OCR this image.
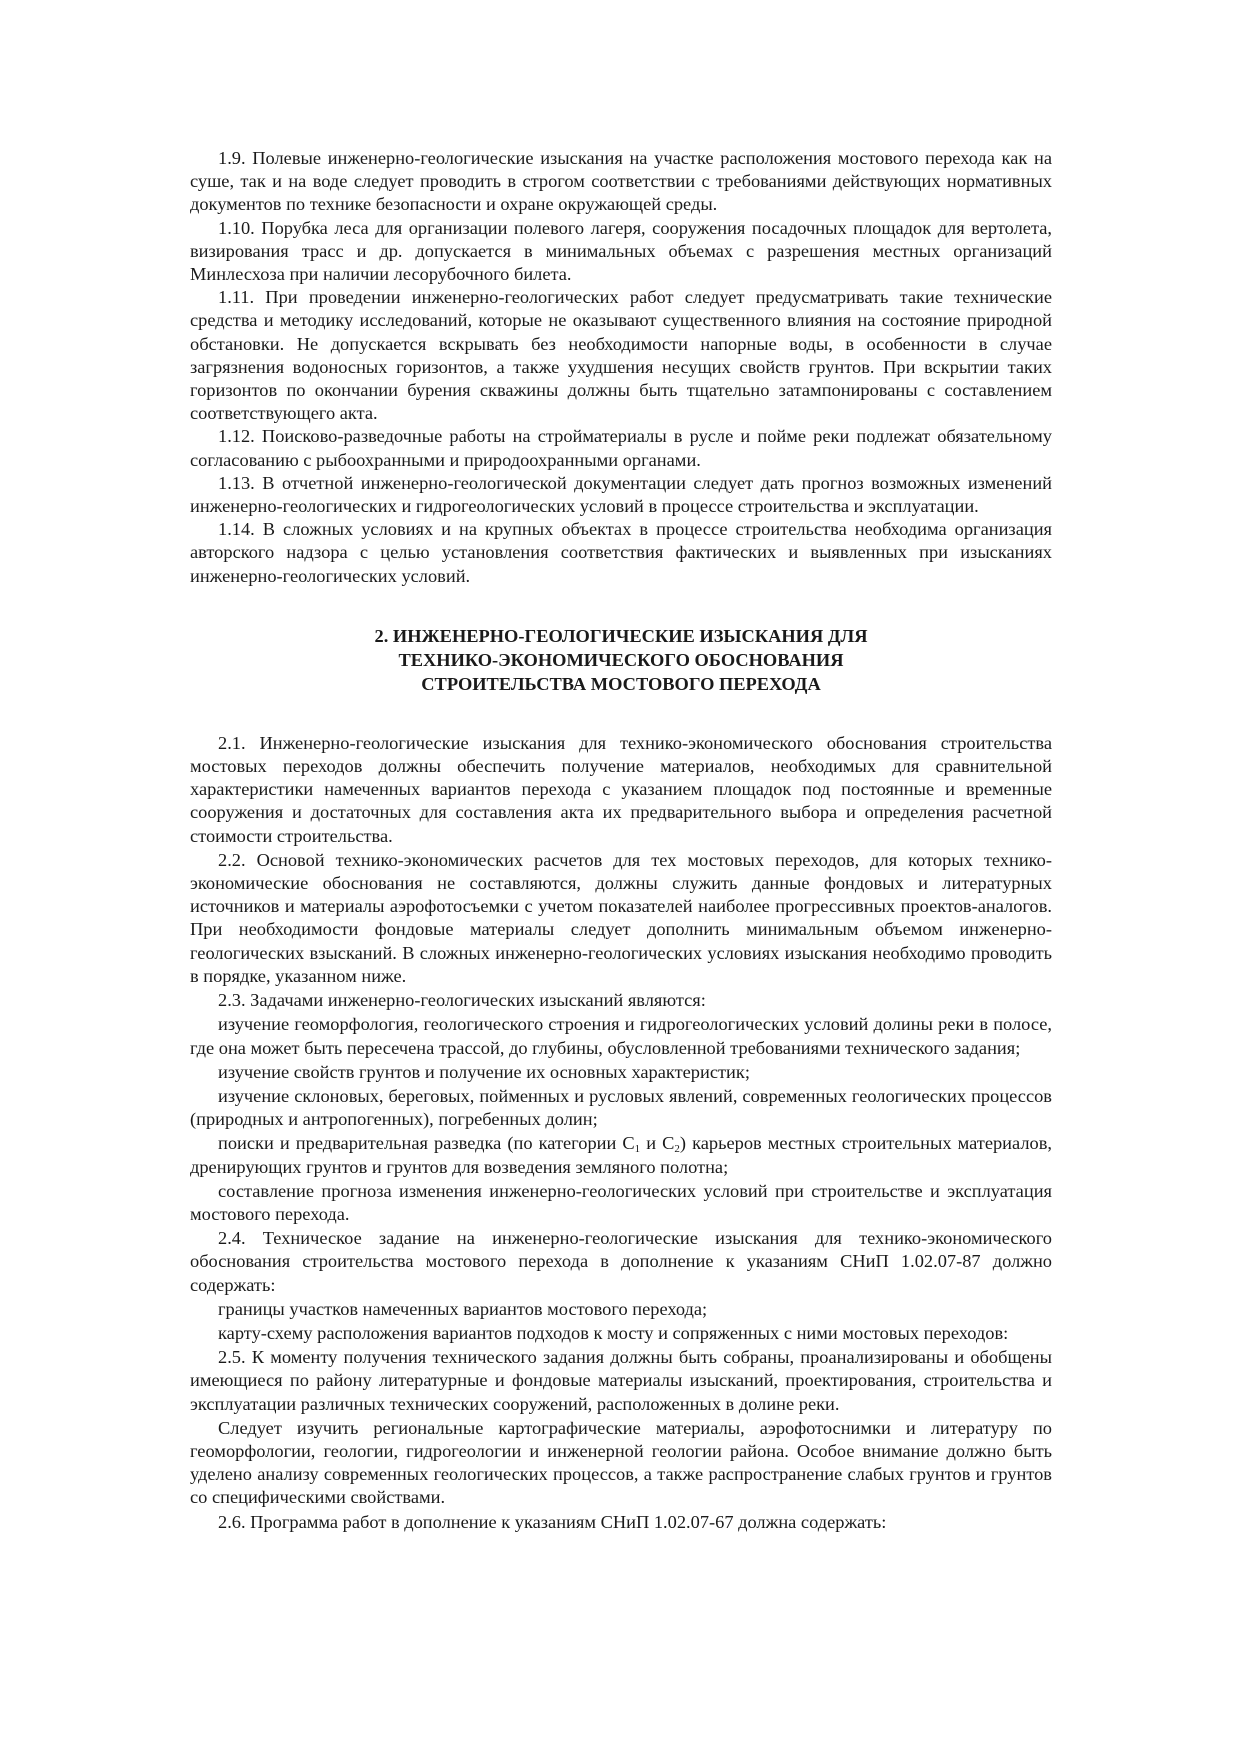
1.9. Полевые инженерно-геологические изыскания на участке расположения мостового перехода как на суше, так и на воде следует проводить в строгом соответствии с требованиями действующих нормативных документов по технике безопасности и охране окружающей среды.

1.10. Порубка леса для организации полевого лагеря, сооружения посадочных площадок для вертолета, визирования трасс и др. допускается в минимальных объемах с разрешения местных организаций Минлесхоза при наличии лесорубочного билета.

1.11. При проведении инженерно-геологических работ следует предусматривать такие технические средства и методику исследований, которые не оказывают существенного влияния на состояние природной обстановки. Не допускается вскрывать без необходимости напорные воды, в особенности в случае загрязнения водоносных горизонтов, а также ухудшения несущих свойств грунтов. При вскрытии таких горизонтов по окончании бурения скважины должны быть тщательно затампонированы с составлением соответствующего акта.

1.12. Поисково-разведочные работы на стройматериалы в русле и пойме реки подлежат обязательному согласованию с рыбоохранными и природоохранными органами.

1.13. В отчетной инженерно-геологической документации следует дать прогноз возможных изменений инженерно-геологических и гидрогеологических условий в процессе строительства и эксплуатации.

1.14. В сложных условиях и на крупных объектах в процессе строительства необходима организация авторского надзора с целью установления соответствия фактических и выявленных при изысканиях инженерно-геологических условий.

2. ИНЖЕНЕРНО-ГЕОЛОГИЧЕСКИЕ ИЗЫСКАНИЯ ДЛЯ
ТЕХНИКО-ЭКОНОМИЧЕСКОГО ОБОСНОВАНИЯ
СТРОИТЕЛЬСТВА МОСТОВОГО ПЕРЕХОДА

2.1. Инженерно-геологические изыскания для технико-экономического обоснования строительства мостовых переходов должны обеспечить получение материалов, необходимых для сравнительной характеристики намеченных вариантов перехода с указанием площадок под постоянные и временные сооружения и достаточных для составления акта их предварительного выбора и определения расчетной стоимости строительства.

2.2. Основой технико-экономических расчетов для тех мостовых переходов, для которых технико-экономические обоснования не составляются, должны служить данные фондовых и литературных источников и материалы аэрофотосъемки с учетом показателей наиболее прогрессивных проектов-аналогов. При необходимости фондовые материалы следует дополнить минимальным объемом инженерно-геологических взысканий. В сложных инженерно-геологических условиях изыскания необходимо проводить в порядке, указанном ниже.

2.3. Задачами инженерно-геологических изысканий являются:

изучение геоморфология, геологического строения и гидрогеологических условий долины реки в полосе, где она может быть пересечена трассой, до глубины, обусловленной требованиями технического задания;

изучение свойств грунтов и получение их основных характеристик;

изучение склоновых, береговых, пойменных и русловых явлений, современных геологических процессов (природных и антропогенных), погребенных долин;

поиски и предварительная разведка (по категории $С_1$ и $С_2$) карьеров местных строительных материалов, дренирующих грунтов и грунтов для возведения земляного полотна;

составление прогноза изменения инженерно-геологических условий при строительстве и эксплуатация мостового перехода.

2.4. Техническое задание на инженерно-геологические изыскания для технико-экономического обоснования строительства мостового перехода в дополнение к указаниям СНиП 1.02.07-87 должно содержать:

границы участков намеченных вариантов мостового перехода;

карту-схему расположения вариантов подходов к мосту и сопряженных с ними мостовых переходов:

2.5. К моменту получения технического задания должны быть собраны, проанализированы и обобщены имеющиеся по району литературные и фондовые материалы изысканий, проектирования, строительства и эксплуатации различных технических сооружений, расположенных в долине реки.

Следует изучить региональные картографические материалы, аэрофотоснимки и литературу по геоморфологии, геологии, гидрогеологии и инженерной геологии района. Особое внимание должно быть уделено анализу современных геологических процессов, а также распространение слабых грунтов и грунтов со специфическими свойствами.

2.6. Программа работ в дополнение к указаниям СНиП 1.02.07-67 должна содержать:
